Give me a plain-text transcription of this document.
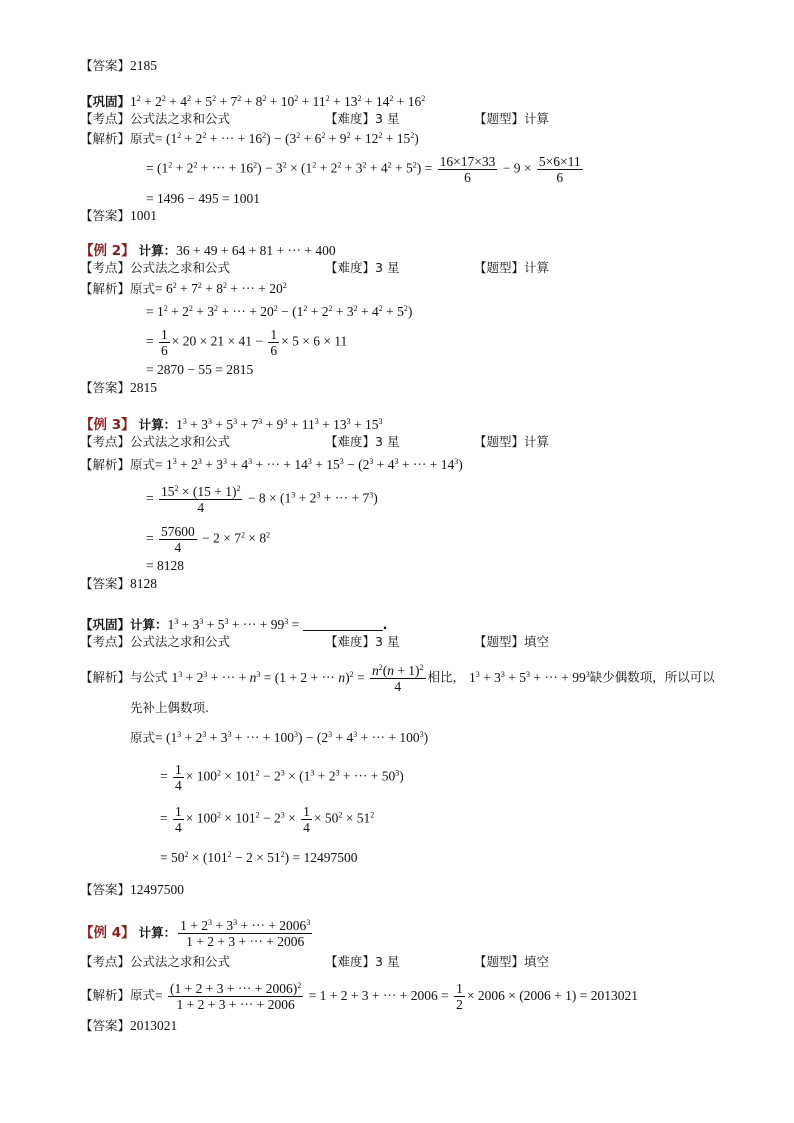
【答案】2185
【巩固】$1^2 + 2^2 + 4^2 + 5^2 + 7^2 + 8^2 + 10^2 + 11^2 + 13^2 + 14^2 + 16^2$
【考点】公式法之求和公式	【难度】3 星	【题型】计算
【解析】原式= ($1^2 + 2^2$ + ··· + $16^2) - (3^2 + 6^2 + 9^2 + 12^2 + 15^2)$
= ($1^2 + 2^2$ + ··· + $16^2) - 3^2 \times (1^2 + 2^2 + 3^2 + 4^2 + 5^2) = \frac{16\times 17\times 33}{6} - 9 \times \frac{5\times 6\times 11}{6}$
= 1496 − 495 = 1001
【答案】1001
【例 2】 计算：36 + 49 + 64 + 81 + ··· + 400
【考点】公式法之求和公式	【难度】3 星	【题型】计算
【解析】原式= $6^2 + 7^2 + 8^2$ + ··· + $20^2$
= $1^2 + 2^2 + 3^2$ + ··· + $20^2 - (1^2 + 2^2 + 3^2 + 4^2 + 5^2)$
= $\frac{1}{6} \times 20 \times 21 \times 41 - \frac{1}{6} \times 5 \times 6 \times 11$
= 2870 − 55 = 2815
【答案】2815
【例 3】 计算：$1^3 + 3^3 + 5^3 + 7^3 + 9^3 + 11^3 + 13^3 + 15^3$
【考点】公式法之求和公式	【难度】3 星	【题型】计算
【解析】原式= $1^3 + 2^3 + 3^3 + 4^3$ + ··· + $14^3 + 15^3 - (2^3 + 4^3$ + ··· + $14^3$)
= $\frac{15^2 \times (15 + 1)^2}{4} - 8 \times (1^3 + 2^3$ + ··· + $7^3$)
= $\frac{57600}{4} - 2 \times 7^2 \times 8^2$
= 8128
【答案】8128
【巩固】计算：$1^3 + 3^3 + 5^3$ + ··· + $99^3$ =	.
【考点】公式法之求和公式	【难度】3 星	【题型】填空
【解析】与公式 $1^3 + 2^3$ + ··· + $n^3 = (1 + 2$ + ··· $n)^2 = \frac{n^2(n + 1)^2}{4}$ 相比， $1^3 + 3^3 + 5^3$ + ··· + $99^3$缺少偶数项，所以可以
先补上偶数项.
原式= ($1^3 + 2^3 + 3^3$ + ··· + $100^3) - (2^3 + 4^3$ + ··· + $100^3$)
= $\frac{1}{4} \times 100^2 \times 101^2 - 2^3 \times (1^3 + 2^3$ + ··· + $50^3$)
= $\frac{1}{4} \times 100^2 \times 101^2 - 2^3 \times \frac{1}{4} \times 50^2 \times 51^2$
= $50^2 \times (101^2 - 2 \times 51^2) = 12497500$
【答案】12497500
【例 4】 计算： $\frac{1 + 2^3 + 3^3 + \cdot\cdot\cdot + 2006^3}{1 + 2 + 3 + \cdot\cdot\cdot + 2006}$
【考点】公式法之求和公式	【难度】3 星	【题型】填空
【解析】原式= $\frac{(1 + 2 + 3 + \cdot\cdot\cdot + 2006)^2}{1 + 2 + 3 + \cdot\cdot\cdot + 2006} = 1 + 2 + 3$ + ··· + $2006 = \frac{1}{2} \times 2006 \times (2006 + 1) = 2013021$
【答案】2013021
